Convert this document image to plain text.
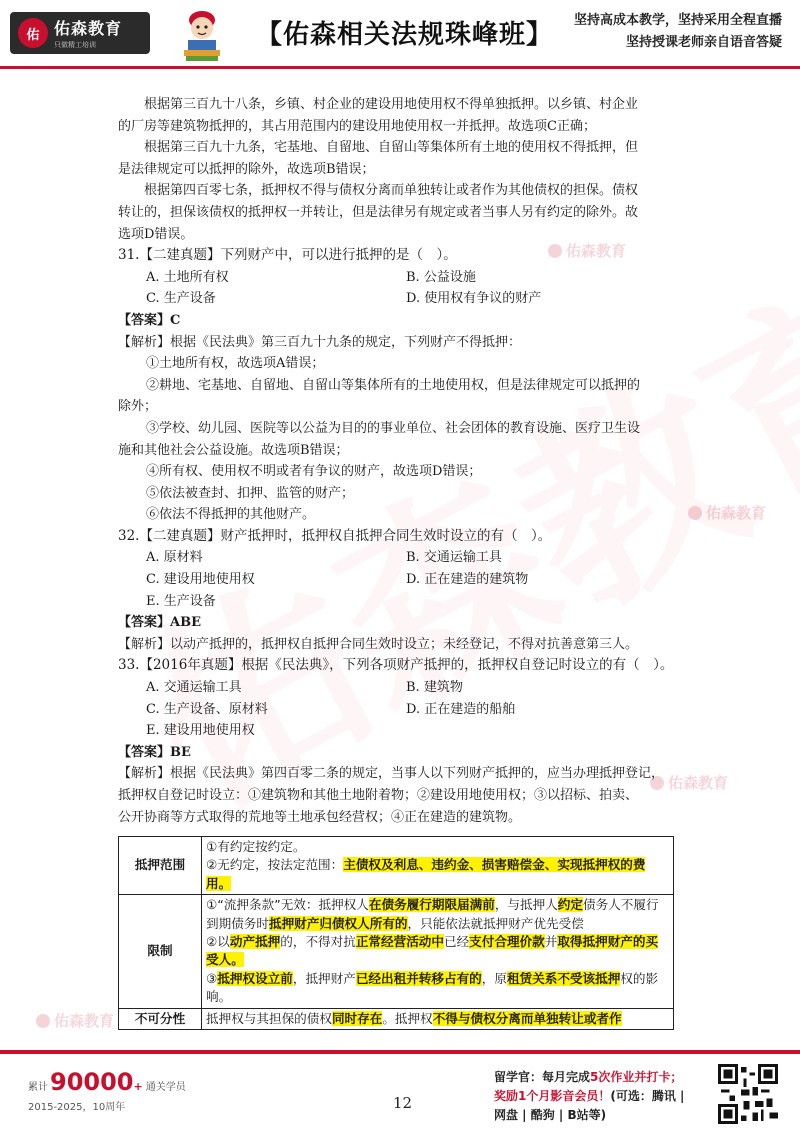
佑 佑森教育
只做精工培训	【佑森相关法规珠峰班】 坚持高成本教学，坚持采用全程直播
坚持授课老师亲自语音答疑
佑森教育
佑森教育
佑森教育
佑森教育

根据第三百九十八条，乡镇、村企业的建设用地使用权不得单独抵押。以乡镇、村企业

的厂房等建筑物抵押的，其占用范围内的建设用地使用权一并抵押。故选项C正确；

根据第三百九十九条，宅基地、自留地、自留山等集体所有土地的使用权不得抵押，但

是法律规定可以抵押的除外，故选项B错误；

根据第四百零七条，抵押权不得与债权分离而单独转让或者作为其他债权的担保。债权

转让的，担保该债权的抵押权一并转让，但是法律另有规定或者当事人另有约定的除外。故

选项D错误。

31.【二建真题】下列财产中，可以进行抵押的是（　）。

A. 土地所有权	B. 公益设施
C. 生产设备	D. 使用权有争议的财产

【答案】C

【解析】根据《民法典》第三百九十九条的规定，下列财产不得抵押：

①土地所有权，故选项A错误；

②耕地、宅基地、自留地、自留山等集体所有的土地使用权，但是法律规定可以抵押的

除外；

③学校、幼儿园、医院等以公益为目的的事业单位、社会团体的教育设施、医疗卫生设

施和其他社会公益设施。故选项B错误；

④所有权、使用权不明或者有争议的财产，故选项D错误；

⑤依法被查封、扣押、监管的财产；

⑥依法不得抵押的其他财产。

32.【二建真题】财产抵押时，抵押权自抵押合同生效时设立的有（　）。

A. 原材料	B. 交通运输工具
C. 建设用地使用权	D. 正在建造的建筑物
E. 生产设备

【答案】ABE

【解析】以动产抵押的，抵押权自抵押合同生效时设立；未经登记，不得对抗善意第三人。

33.【2016年真题】根据《民法典》，下列各项财产抵押的，抵押权自登记时设立的有（　）。

A. 交通运输工具	B. 建筑物
C. 生产设备、原材料	D. 正在建造的船舶
E. 建设用地使用权

【答案】BE

【解析】根据《民法典》第四百零二条的规定，当事人以下列财产抵押的，应当办理抵押登记，

抵押权自登记时设立：①建筑物和其他土地附着物；②建设用地使用权；③以招标、拍卖、

公开协商等方式取得的荒地等土地承包经营权；④正在建造的建筑物。

抵押范围	①有约定按约定。
②无约定，按法定范围：主债权及利息、违约金、损害赔偿金、实现抵押权的费用。

限制	①“流押条款”无效：抵押权人在债务履行期限届满前，与抵押人约定债务人不履行到期债务时抵押财产归债权人所有的，只能依法就抵押财产优先受偿
②以动产抵押的，不得对抗正常经营活动中已经支付合理价款并取得抵押财产的买受人。
③抵押权设立前，抵押财产已经出租并转移占有的，原租赁关系不受该抵押权的影响。

不可分性	抵押权与其担保的债权同时存在。抵押权不得与债权分离而单独转让或者作
累计 90000 + 通关学员
2015-2025，10周年	12
留学官：每月完成5次作业并打卡；
奖励1个月影音会员！(可选：腾讯 |
网盘 | 酷狗 | B站等)
